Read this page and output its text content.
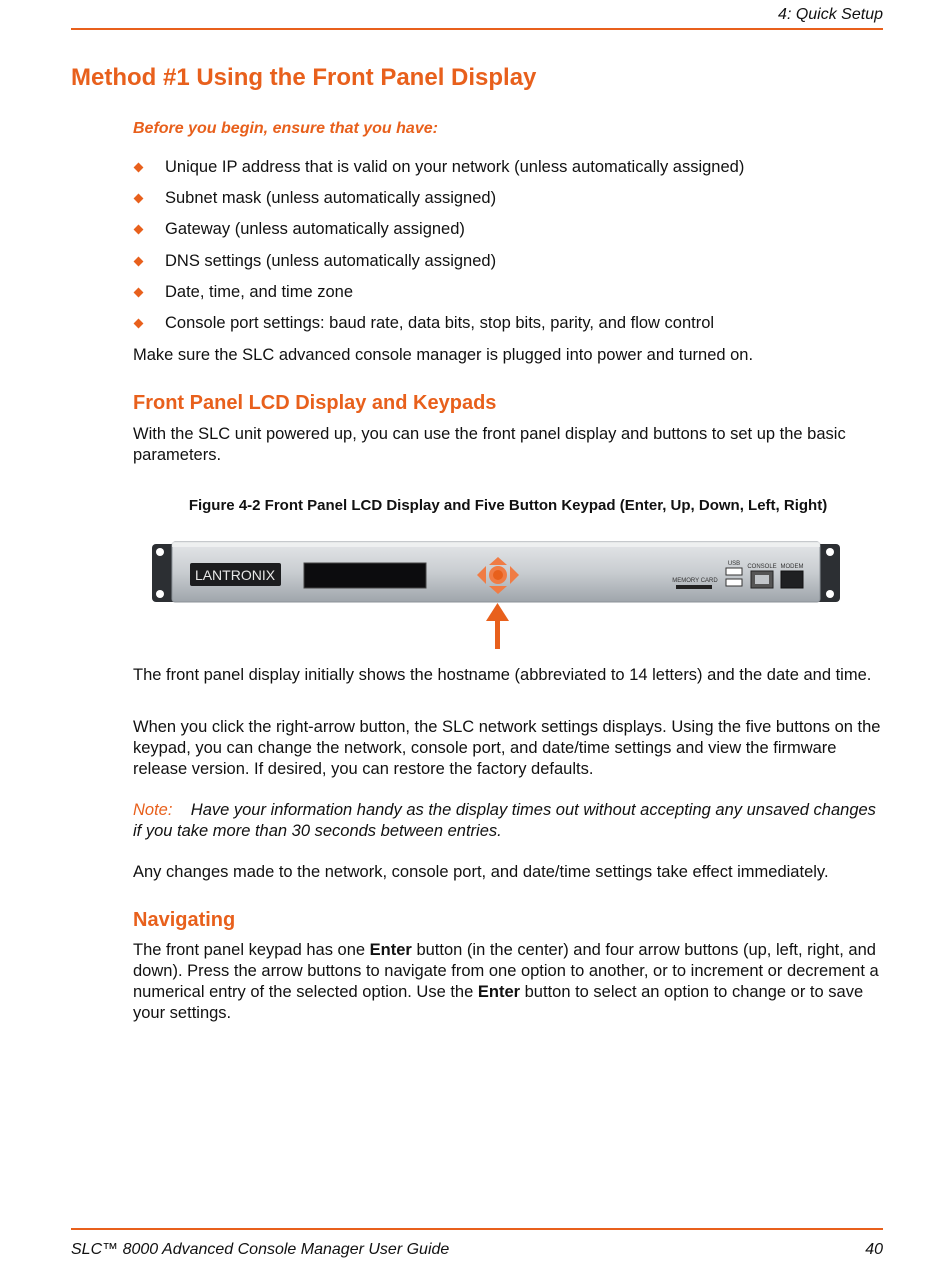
4: Quick Setup
Method #1 Using the Front Panel Display
Before you begin, ensure that you have:
Unique IP address that is valid on your network (unless automatically assigned)
Subnet mask (unless automatically assigned)
Gateway (unless automatically assigned)
DNS settings (unless automatically assigned)
Date, time, and time zone
Console port settings: baud rate, data bits, stop bits, parity, and flow control

Make sure the SLC advanced console manager is plugged into power and turned on.

Front Panel LCD Display and Keypads

With the SLC unit powered up, you can use the front panel display and buttons to set up the basic parameters.

Figure 4-2 Front Panel LCD Display and Five Button Keypad (Enter, Up, Down, Left, Right)
LANTRONIX
USB CONSOLE MODEM
MEMORY CARD

The front panel display initially shows the hostname (abbreviated to 14 letters) and the date and time.

When you click the right-arrow button, the SLC network settings displays. Using the five buttons on the keypad, you can change the network, console port, and date/time settings and view the firmware release version. If desired, you can restore the factory defaults.

Note: Have your information handy as the display times out without accepting any unsaved changes if you take more than 30 seconds between entries.

Any changes made to the network, console port, and date/time settings take effect immediately.

Navigating

The front panel keypad has one Enter button (in the center) and four arrow buttons (up, left, right, and down). Press the arrow buttons to navigate from one option to another, or to increment or decrement a numerical entry of the selected option. Use the Enter button to select an option to change or to save your settings.

SLC™ 8000 Advanced Console Manager User Guide	40
